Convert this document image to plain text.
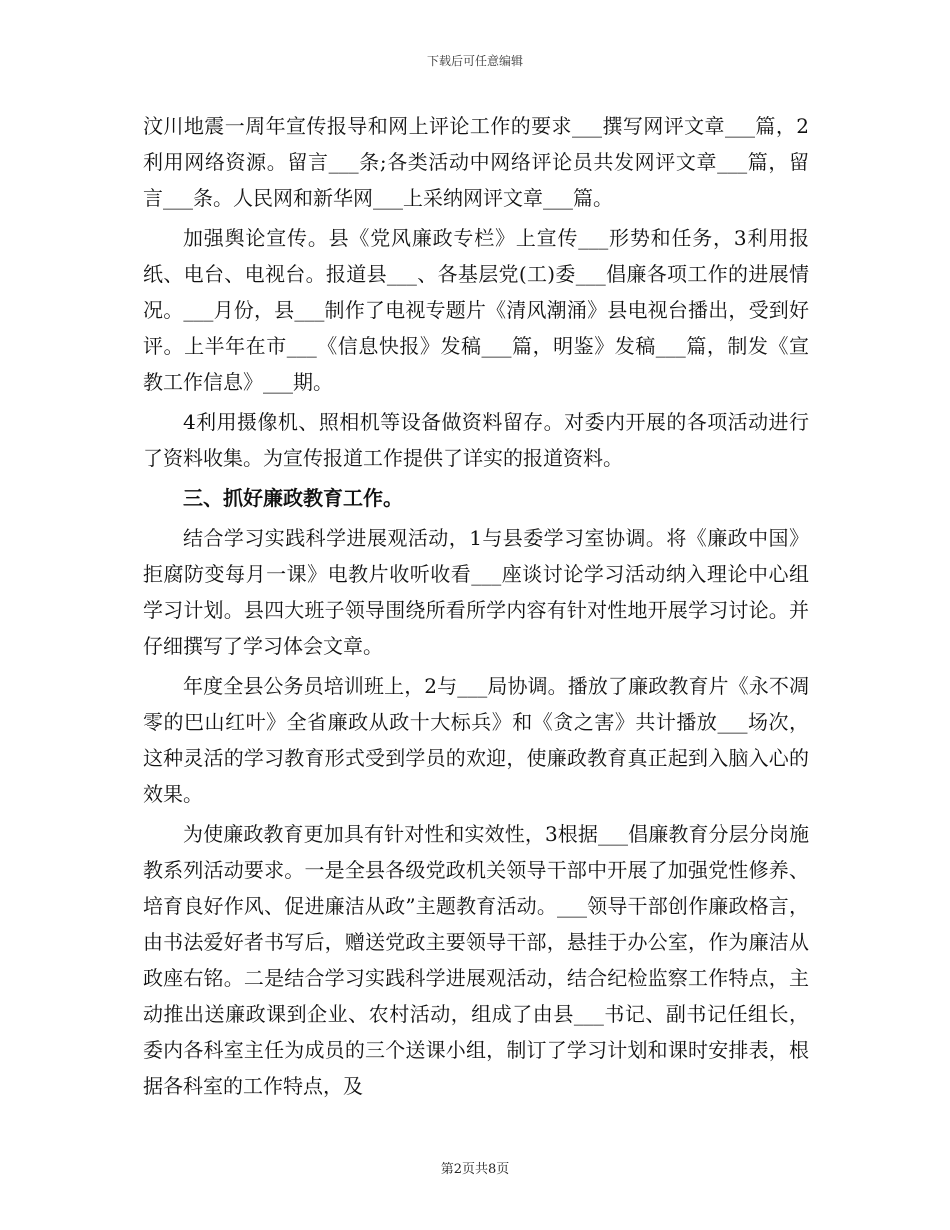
下载后可任意编辑

汶川地震一周年宣传报导和网上评论工作的要求___撰写网评文章___篇，2利用网络资源。留言___条;各类活动中网络评论员共发网评文章___篇，留言___条。人民网和新华网___上采纳网评文章___篇。

加强舆论宣传。县《党风廉政专栏》上宣传___形势和任务，3利用报纸、电台、电视台。报道县___、各基层党(工)委___倡廉各项工作的进展情况。___月份，县___制作了电视专题片《清风潮涌》县电视台播出，受到好评。上半年在市___《信息快报》发稿___篇，明鉴》发稿___篇，制发《宣教工作信息》___期。

4利用摄像机、照相机等设备做资料留存。对委内开展的各项活动进行了资料收集。为宣传报道工作提供了详实的报道资料。

三、抓好廉政教育工作。

结合学习实践科学进展观活动，1与县委学习室协调。将《廉政中国》拒腐防变每月一课》电教片收听收看___座谈讨论学习活动纳入理论中心组学习计划。县四大班子领导围绕所看所学内容有针对性地开展学习讨论。并仔细撰写了学习体会文章。

年度全县公务员培训班上，2与___局协调。播放了廉政教育片《永不凋零的巴山红叶》全省廉政从政十大标兵》和《贪之害》共计播放___场次，这种灵活的学习教育形式受到学员的欢迎，使廉政教育真正起到入脑入心的效果。

为使廉政教育更加具有针对性和实效性，3根据___倡廉教育分层分岗施教系列活动要求。一是全县各级党政机关领导干部中开展了加强党性修养、培育良好作风、促进廉洁从政”主题教育活动。___领导干部创作廉政格言，由书法爱好者书写后，赠送党政主要领导干部，悬挂于办公室，作为廉洁从政座右铭。二是结合学习实践科学进展观活动，结合纪检监察工作特点，主动推出送廉政课到企业、农村活动，组成了由县___书记、副书记任组长，委内各科室主任为成员的三个送课小组，制订了学习计划和课时安排表，根据各科室的工作特点，及

第2页共8页
